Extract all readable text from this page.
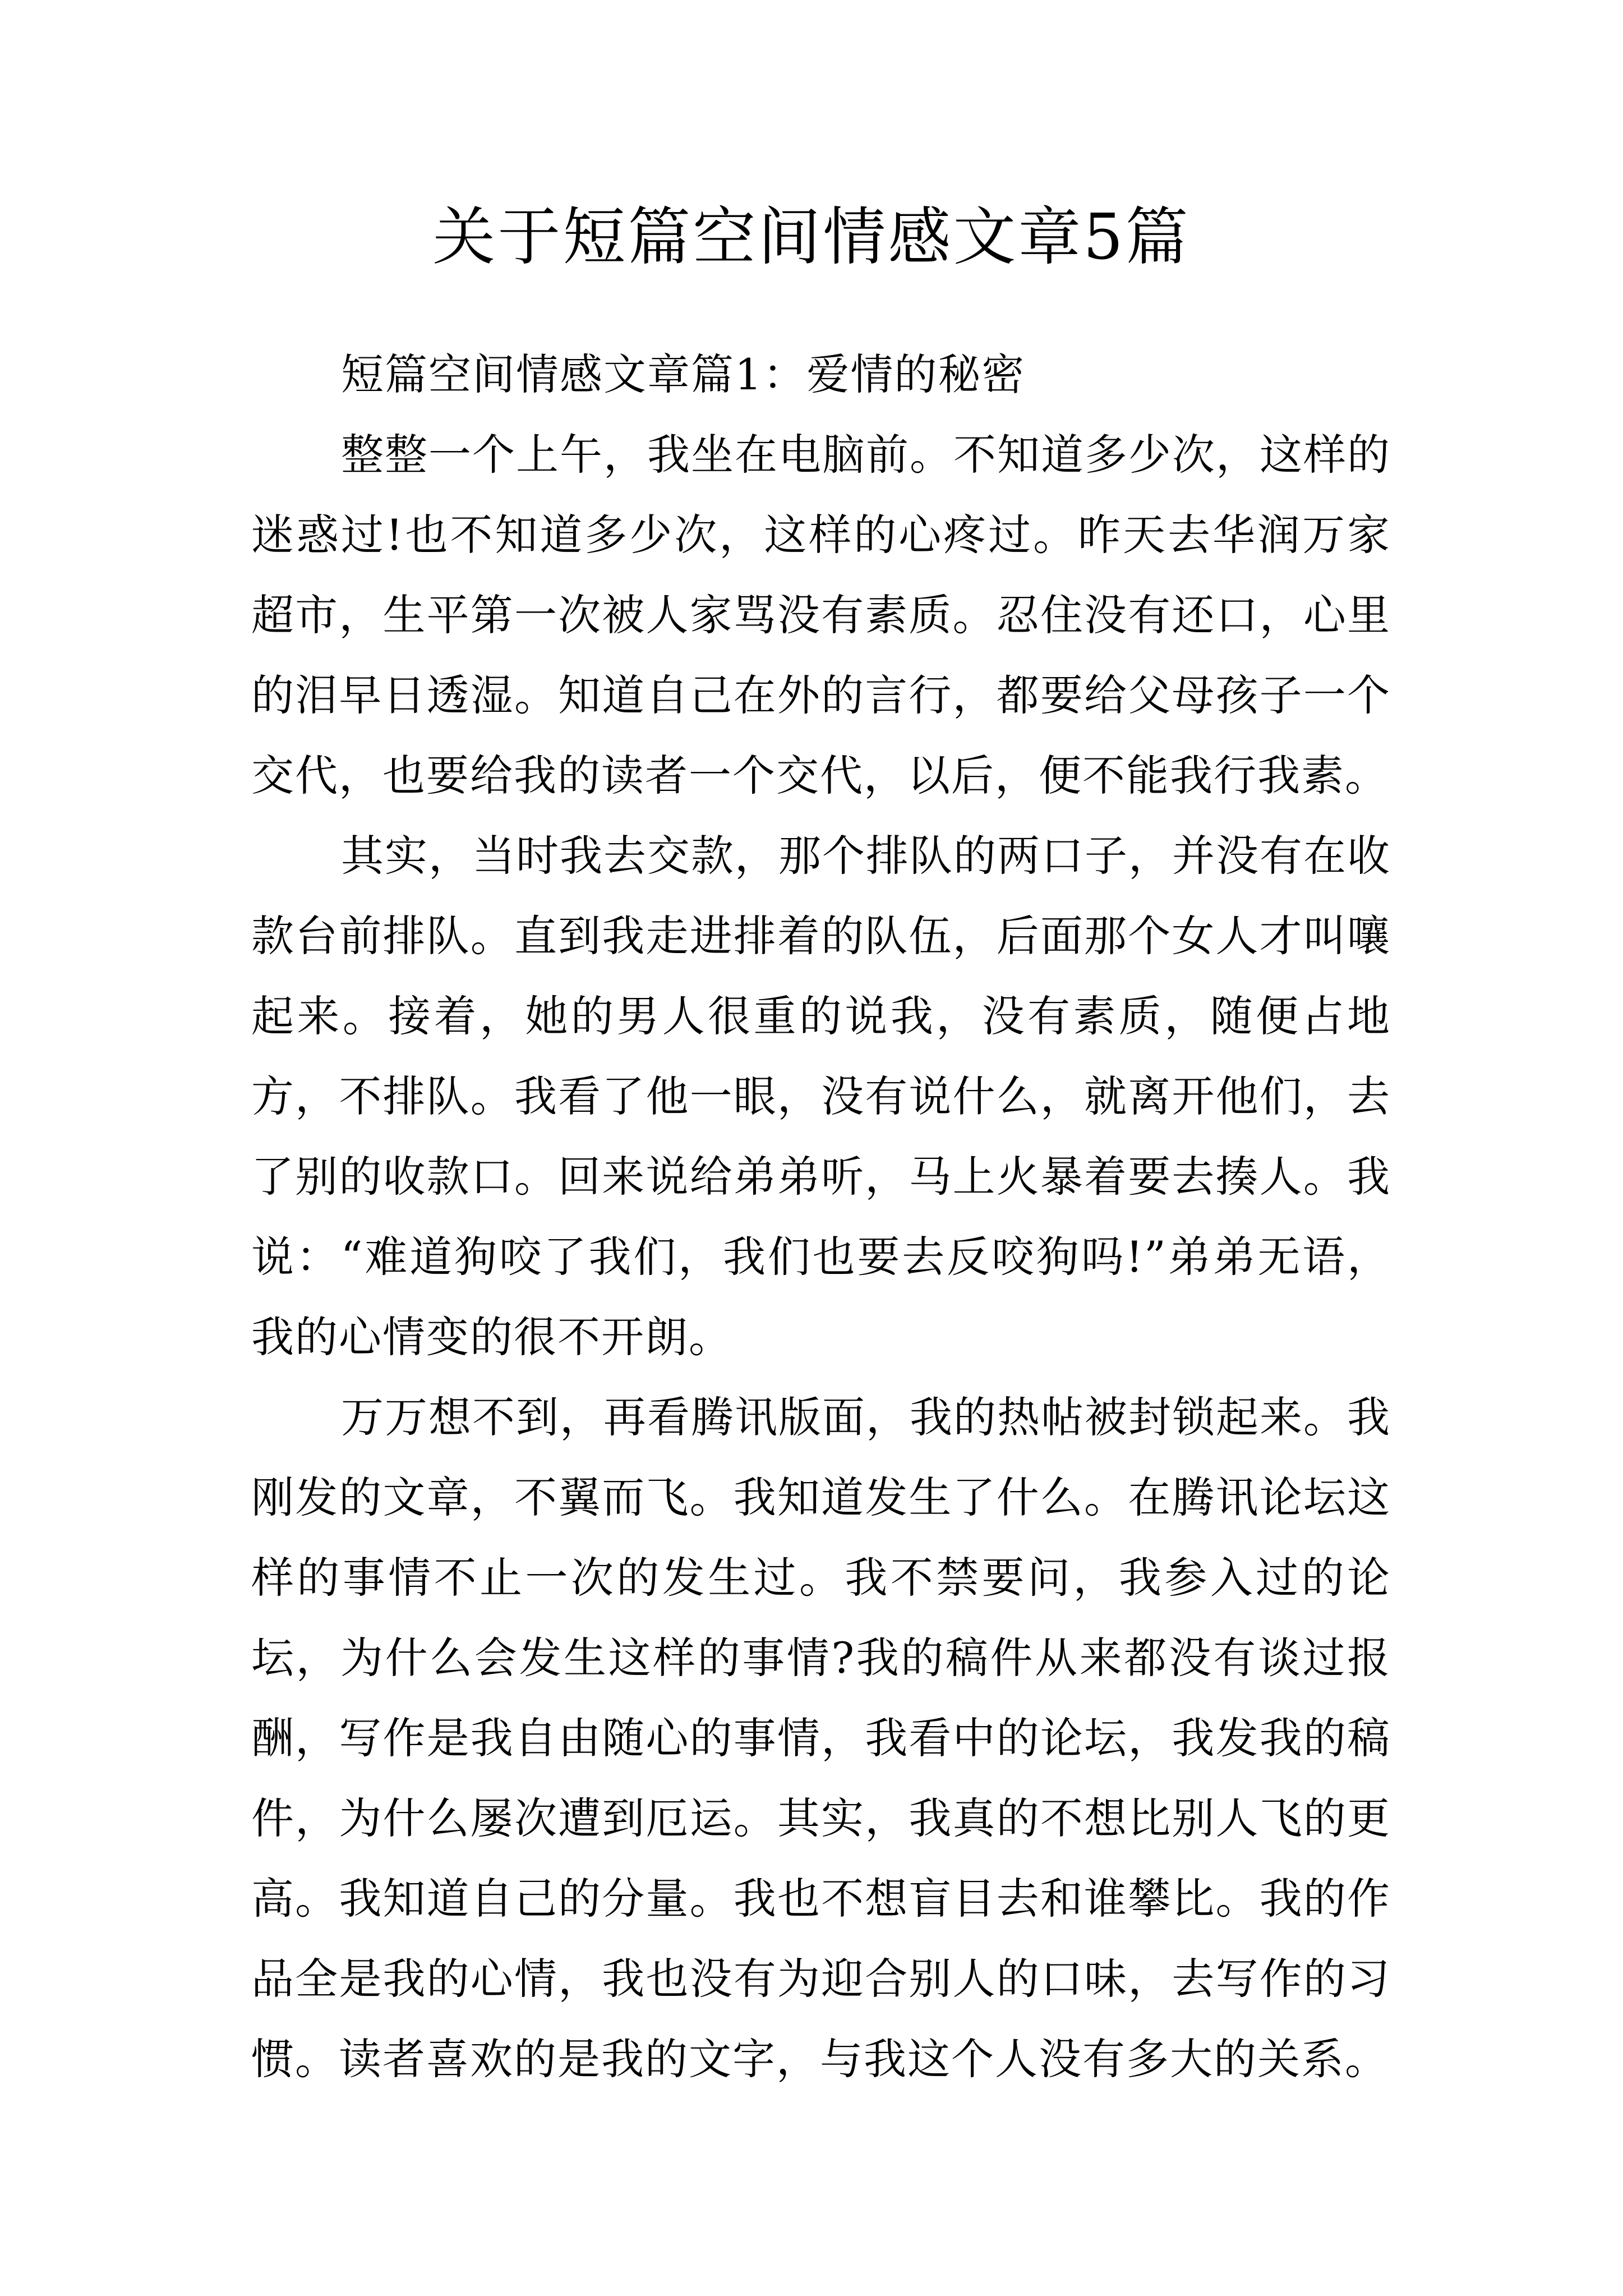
关于短篇空间情感文章5篇

短篇空间情感文章篇1：爱情的秘密

整整一个上午，我坐在电脑前。不知道多少次，这样的迷惑过!也不知道多少次，这样的心疼过。昨天去华润万家超市，生平第一次被人家骂没有素质。忍住没有还口，心里的泪早日透湿。知道自己在外的言行，都要给父母孩子一个交代，也要给我的读者一个交代，以后，便不能我行我素。

其实，当时我去交款，那个排队的两口子，并没有在收款台前排队。直到我走进排着的队伍，后面那个女人才叫嚷起来。接着，她的男人很重的说我，没有素质，随便占地方，不排队。我看了他一眼，没有说什么，就离开他们，去了别的收款口。回来说给弟弟听，马上火暴着要去揍人。我说：“难道狗咬了我们，我们也要去反咬狗吗!”弟弟无语，我的心情变的很不开朗。

万万想不到，再看腾讯版面，我的热帖被封锁起来。我刚发的文章，不翼而飞。我知道发生了什么。在腾讯论坛这样的事情不止一次的发生过。我不禁要问，我参入过的论坛，为什么会发生这样的事情?我的稿件从来都没有谈过报酬，写作是我自由随心的事情，我看中的论坛，我发我的稿件，为什么屡次遭到厄运。其实，我真的不想比别人飞的更高。我知道自己的分量。我也不想盲目去和谁攀比。我的作品全是我的心情，我也没有为迎合别人的口味，去写作的习惯。读者喜欢的是我的文字，与我这个人没有多大的关系。
